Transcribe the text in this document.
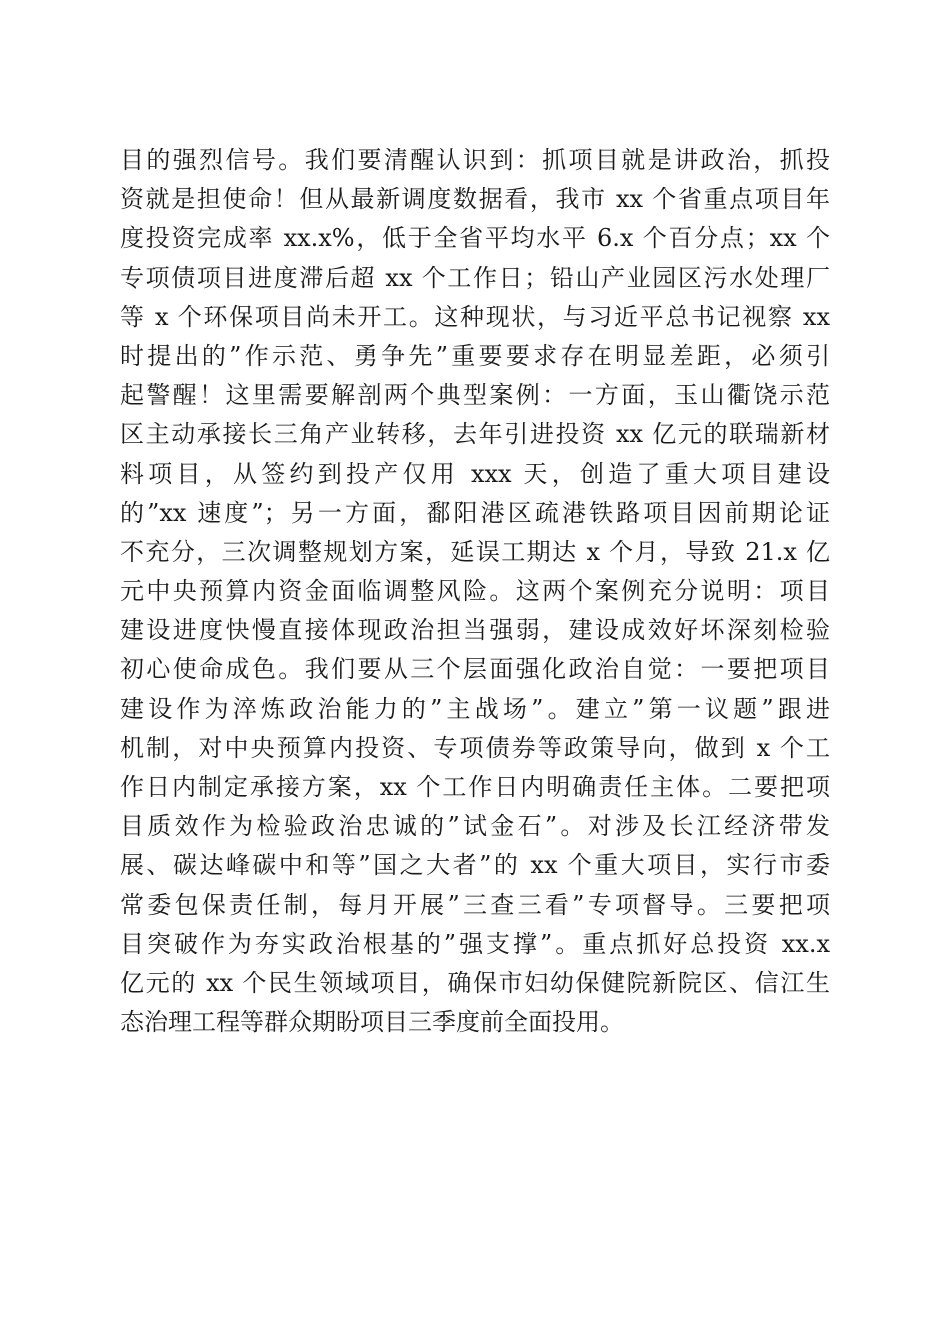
目的强烈信号。我们要清醒认识到：抓项目就是讲政治，抓投
资就是担使命！但从最新调度数据看，我市 xx 个省重点项目年
度投资完成率 xx.x%，低于全省平均水平 6.x 个百分点；xx 个
专项债项目进度滞后超 xx 个工作日；铅山产业园区污水处理厂
等 x 个环保项目尚未开工。这种现状，与习近平总书记视察 xx
时提出的”作示范、勇争先”重要要求存在明显差距，必须引
起警醒！这里需要解剖两个典型案例：一方面，玉山衢饶示范
区主动承接长三角产业转移，去年引进投资 xx 亿元的联瑞新材
料项目，从签约到投产仅用 xxx 天，创造了重大项目建设
的”xx 速度”；另一方面，鄱阳港区疏港铁路项目因前期论证
不充分，三次调整规划方案，延误工期达 x 个月，导致 21.x 亿
元中央预算内资金面临调整风险。这两个案例充分说明：项目
建设进度快慢直接体现政治担当强弱，建设成效好坏深刻检验
初心使命成色。我们要从三个层面强化政治自觉：一要把项目
建设作为淬炼政治能力的”主战场”。建立”第一议题”跟进
机制，对中央预算内投资、专项债券等政策导向，做到 x 个工
作日内制定承接方案，xx 个工作日内明确责任主体。二要把项
目质效作为检验政治忠诚的”试金石”。对涉及长江经济带发
展、碳达峰碳中和等”国之大者”的 xx 个重大项目，实行市委
常委包保责任制，每月开展”三查三看”专项督导。三要把项
目突破作为夯实政治根基的”强支撑”。重点抓好总投资 xx.x
亿元的 xx 个民生领域项目，确保市妇幼保健院新院区、信江生
态治理工程等群众期盼项目三季度前全面投用。
